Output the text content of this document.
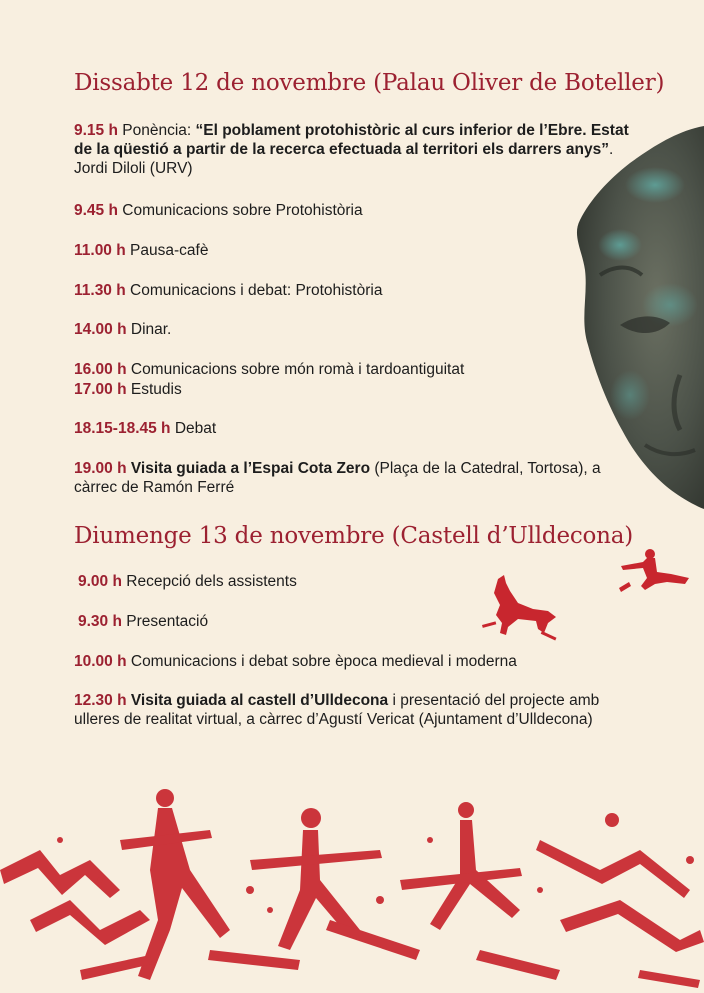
Dissabte 12 de novembre (Palau Oliver de Boteller)

9.15 h Ponència: “El poblament protohistòric al curs inferior de l’Ebre. Estat de la qüestió a partir de la recerca efectuada al territori els darrers anys”. Jordi Diloli (URV)

9.45 h Comunicacions sobre Protohistòria

11.00 h Pausa-cafè

11.30 h Comunicacions i debat: Protohistòria

14.00 h Dinar.

16.00 h Comunicacions sobre món romà i tardoantiguitat

17.00 h Estudis

18.15-18.45 h Debat

19.00 h Visita guiada a l’Espai Cota Zero (Plaça de la Catedral, Tortosa), a càrrec de Ramón Ferré

Diumenge 13 de novembre (Castell d’Ulldecona)

9.00 h Recepció dels assistents

9.30 h Presentació

10.00 h Comunicacions i debat sobre època medieval i moderna

12.30 h Visita guiada al castell d’Ulldecona i presentació del projecte amb ulleres de realitat virtual, a càrrec d’Agustí Vericat (Ajuntament d’Ulldecona)
